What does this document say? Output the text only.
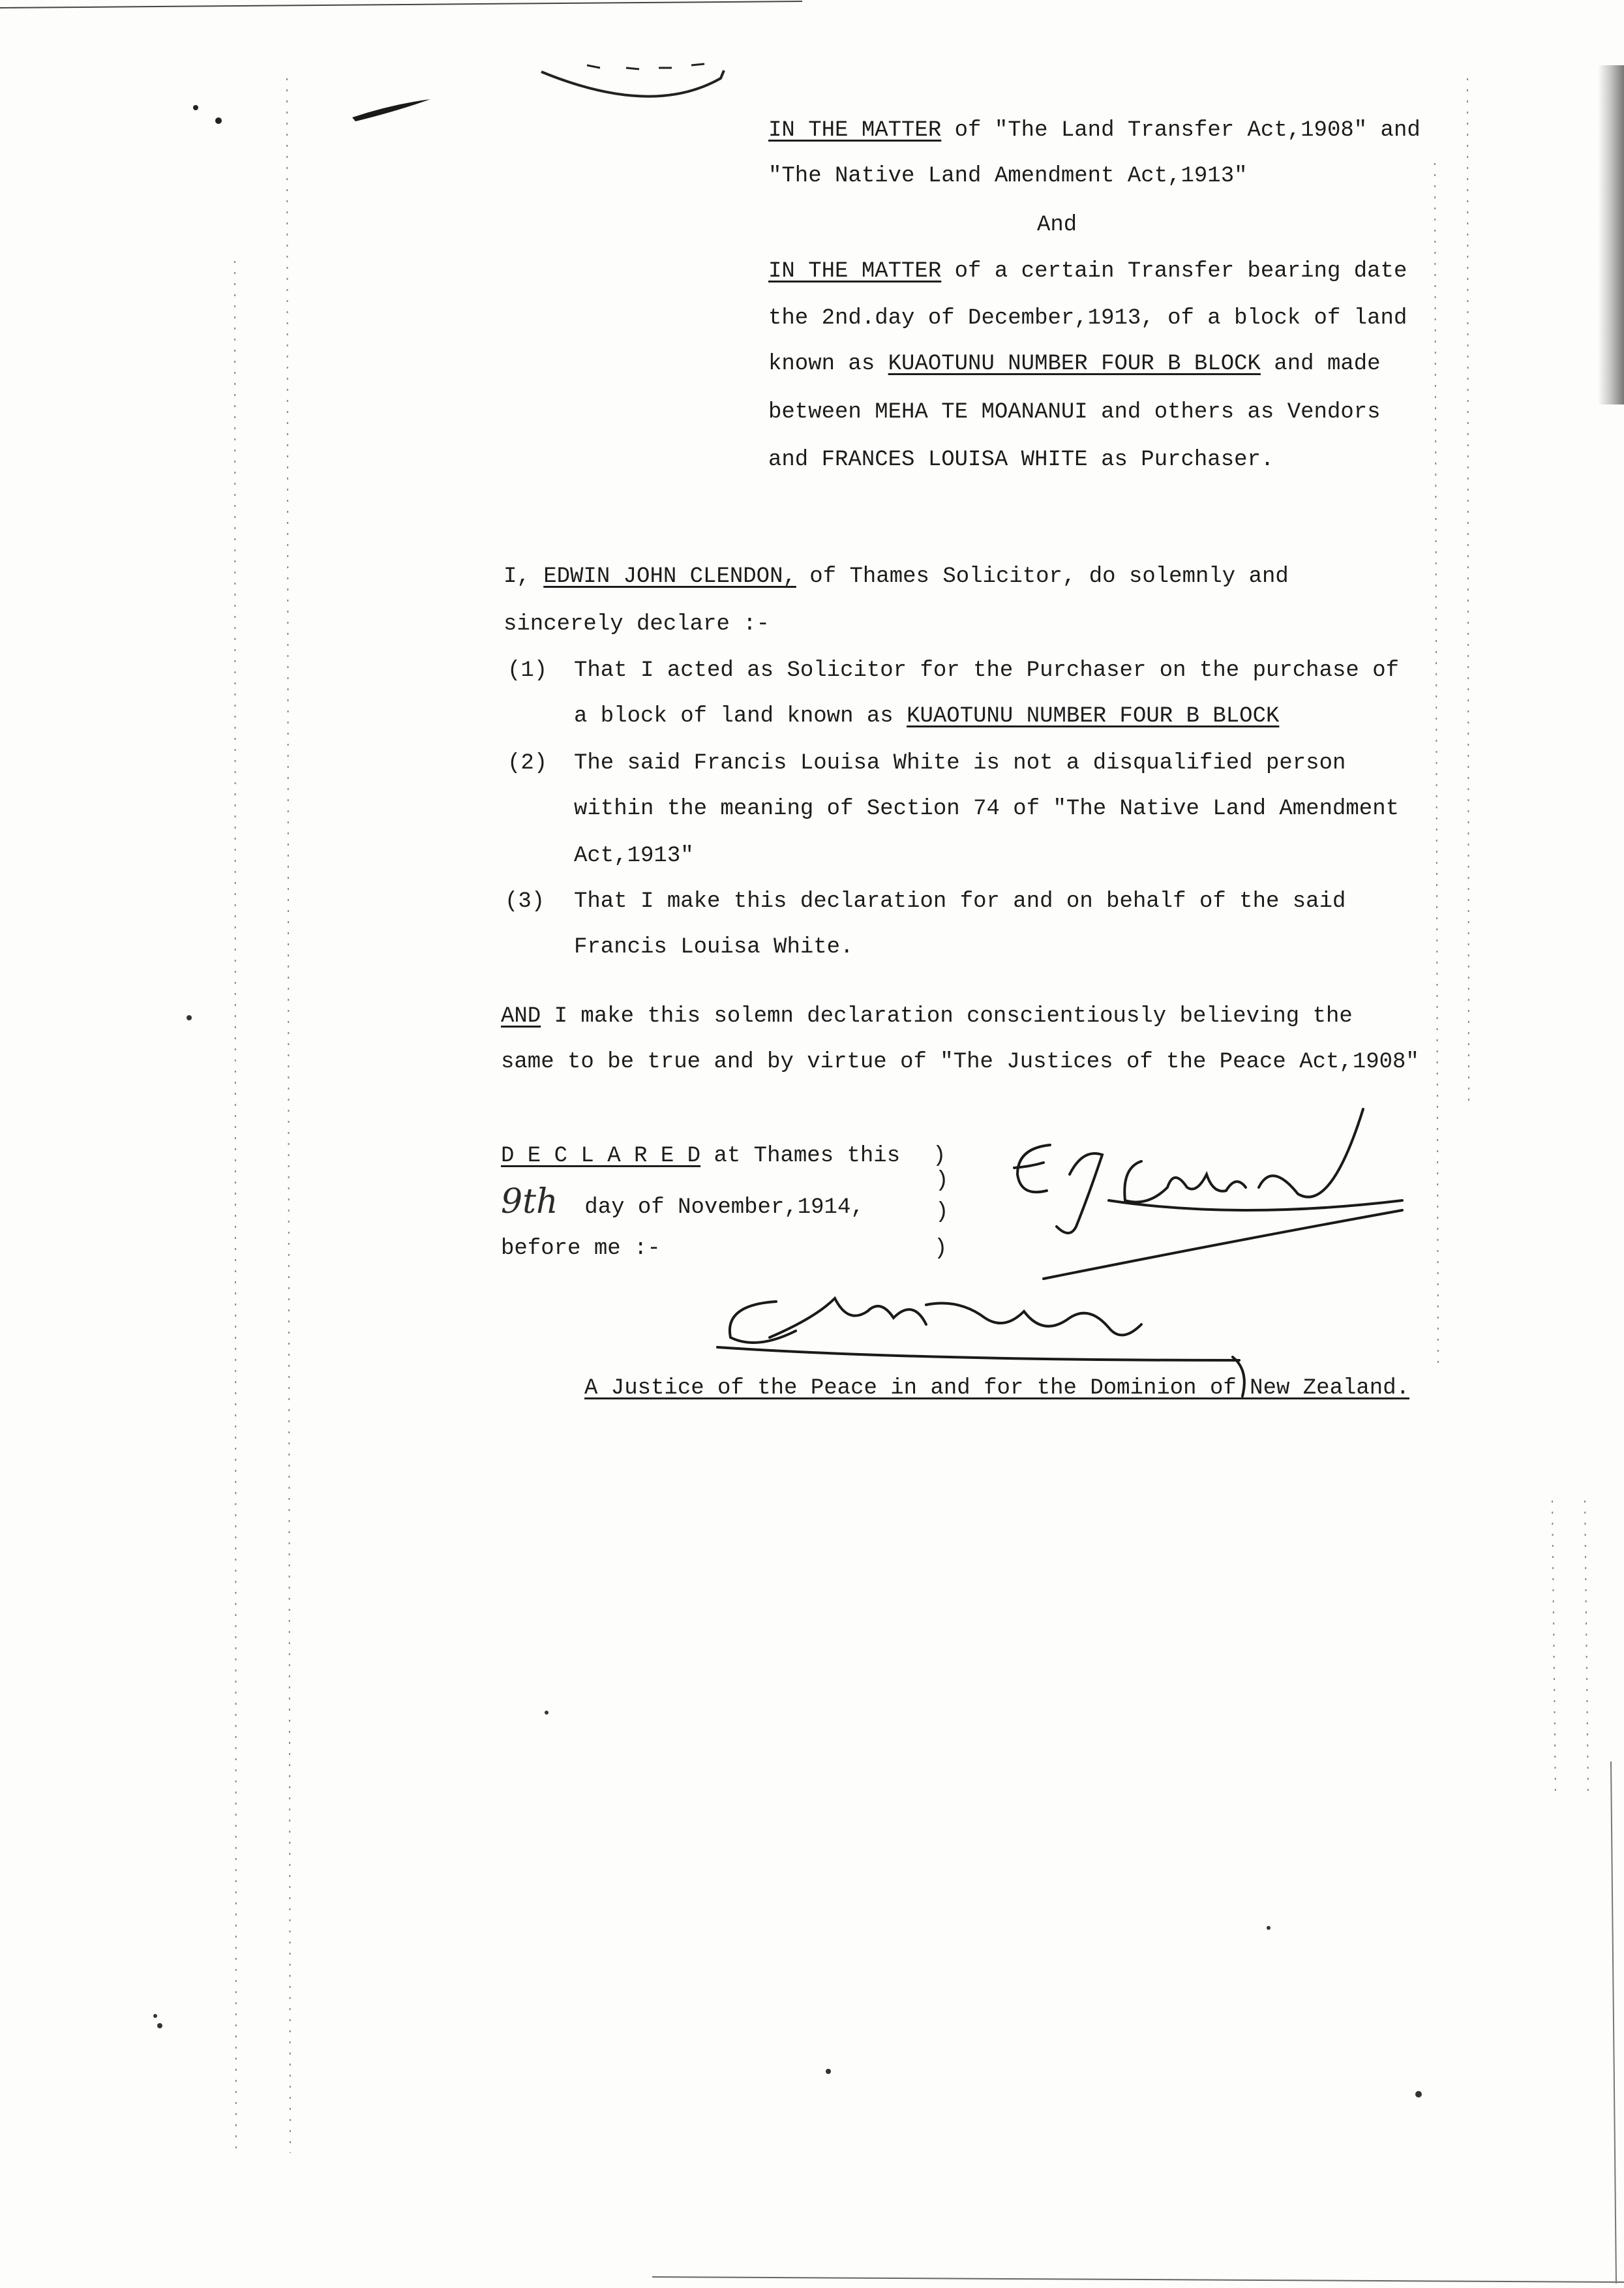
IN THE MATTER of "The Land Transfer Act,1908" and
"The Native Land Amendment Act,1913"
And
IN THE MATTER of a certain Transfer bearing date
the 2nd.day of December,1913, of a block of land
known as KUAOTUNU NUMBER FOUR B BLOCK and made
between MEHA TE MOANANUI and others as Vendors
and FRANCES LOUISA WHITE as Purchaser.
I, EDWIN JOHN CLENDON, of Thames Solicitor, do solemnly and
sincerely declare :-
(1) That I acted as Solicitor for the Purchaser on the purchase of
a block of land known as KUAOTUNU NUMBER FOUR B BLOCK
(2) The said Francis Louisa White is not a disqualified person
within the meaning of Section 74 of "The Native Land Amendment
Act,1913"
(3) That I make this declaration for and on behalf of the said
Francis Louisa White.
AND I make this solemn declaration conscientiously believing the
same to be true and by virtue of "The Justices of the Peace Act,1908"
D E C L A R E D at Thames this
9th  day of November,1914,
before me :-
)
)
)
)
A Justice of the Peace in and for the Dominion of New Zealand.
